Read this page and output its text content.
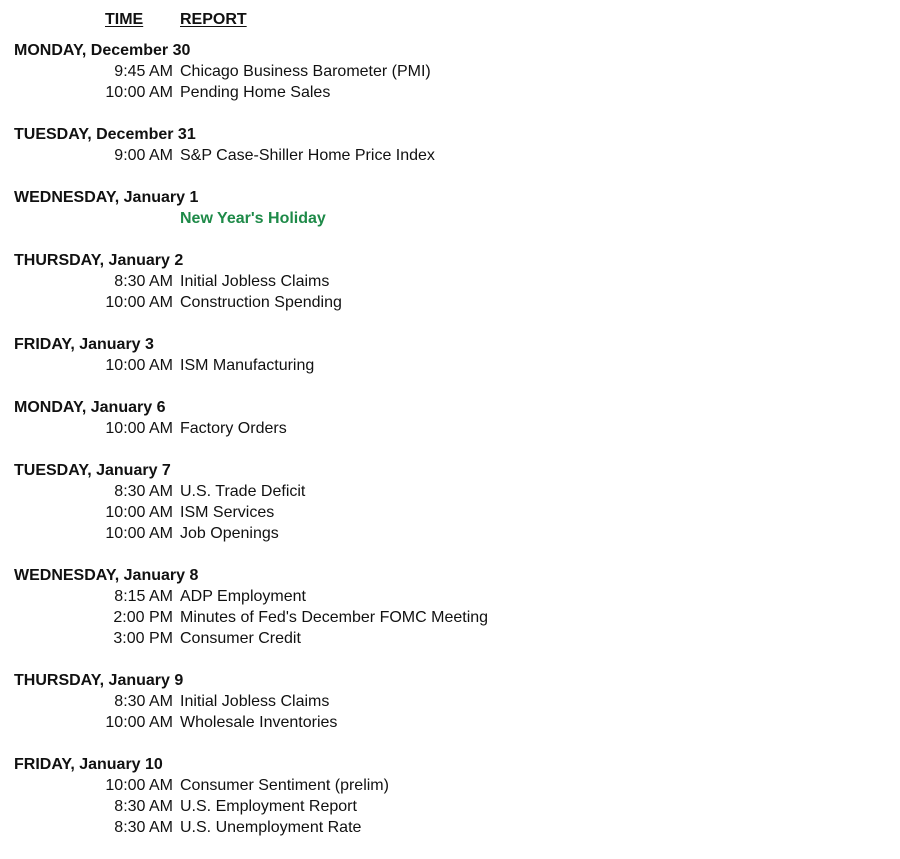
TIME	REPORT
MONDAY, December 30
9:45 AM Chicago Business Barometer (PMI)
10:00 AM Pending Home Sales
TUESDAY, December 31
9:00 AM S&P Case-Shiller Home Price Index
WEDNESDAY, January 1
New Year's Holiday
THURSDAY, January 2
8:30 AM Initial Jobless Claims
10:00 AM Construction Spending
FRIDAY, January 3
10:00 AM ISM Manufacturing
MONDAY, January 6
10:00 AM Factory Orders
TUESDAY, January 7
8:30 AM U.S. Trade Deficit
10:00 AM ISM Services
10:00 AM Job Openings
WEDNESDAY, January 8
8:15 AM ADP Employment
2:00 PM Minutes of Fed's December FOMC Meeting
3:00 PM Consumer Credit
THURSDAY, January 9
8:30 AM Initial Jobless Claims
10:00 AM Wholesale Inventories
FRIDAY, January 10
10:00 AM Consumer Sentiment (prelim)
8:30 AM U.S. Employment Report
8:30 AM U.S. Unemployment Rate
